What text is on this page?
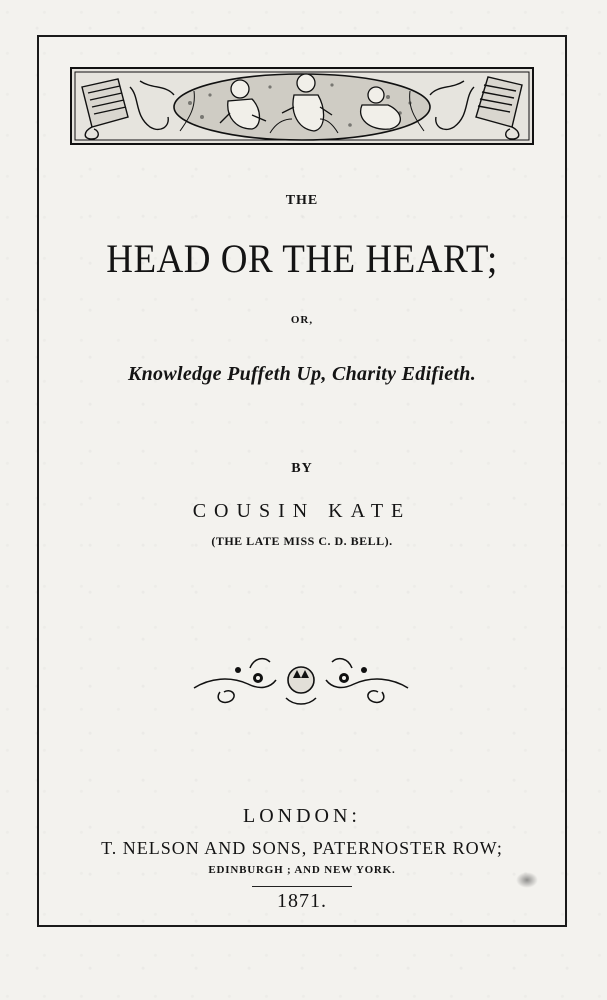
THE
HEAD OR THE HEART;
OR,
Knowledge Puffeth Up, Charity Edifieth.
BY
COUSIN KATE
(THE LATE MISS C. D. BELL).
LONDON:
T. NELSON AND SONS, PATERNOSTER ROW;
EDINBURGH ; AND NEW YORK.
1871.
